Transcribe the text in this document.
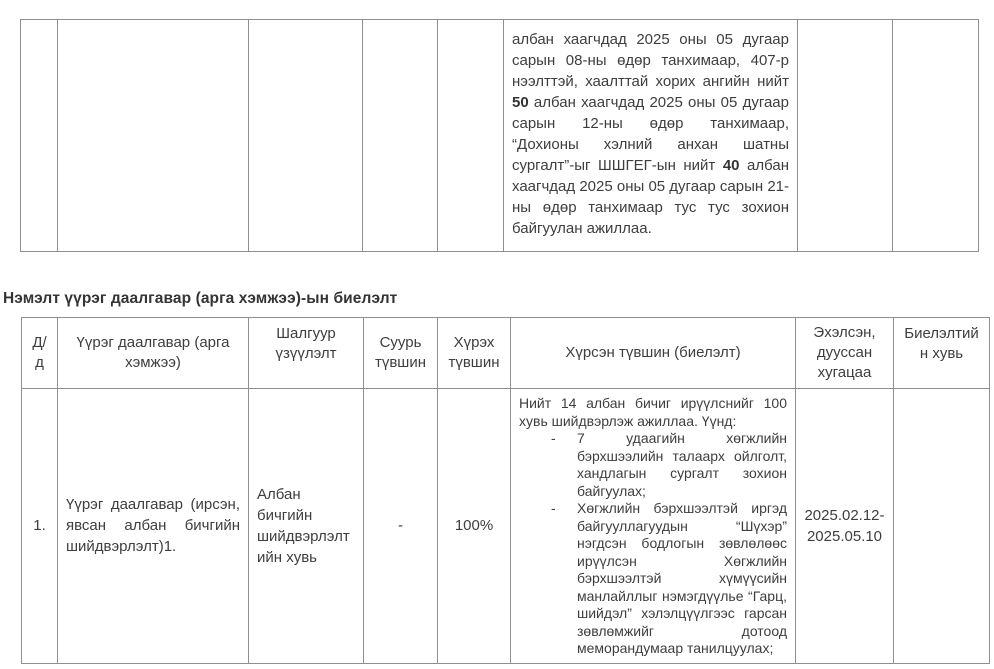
албан хаагчдад 2025 оны 05 дугаар сарын 08-ны өдөр танхимаар, 407-р нээлттэй, хаалттай хорих ангийн нийт 50 албан хаагчдад 2025 оны 05 дугаар сарын 12-ны өдөр танхимаар, “Дохионы хэлний анхан шатны сургалт”-ыг ШШГЕГ-ын нийт 40 албан хаагчдад 2025 оны 05 дугаар сарын 21-ны өдөр танхимаар тус тус зохион байгуулан ажиллаа.

Нэмэлт үүрэг даалгавар (арга хэмжээ)-ын биелэлт
Д/д	Үүрэг даалгавар (арга хэмжээ)	Шалгуур үзүүлэлт	Суурь түвшин	Хүрэх түвшин	Хүрсэн түвшин (биелэлт)	Эхэлсэн, дууссан хугацаа	Биелэлтийн хувь
1.	Үүрэг даалгавар (ирсэн, явсан албан бичгийн шийдвэрлэлт)1.	Албан бичгийн шийдвэрлэлтийн хувь	-	100%	Нийт 14 албан бичиг ирүүлснийг 100 хувь шийдвэрлэж ажиллаа. Үүнд:

- 7 удаагийн хөгжлийн бэрхшээлийн талаарх ойлголт, хандлагын сургалт зохион байгуулах;
- Хөгжлийн бэрхшээлтэй иргэд байгууллагуудын “Шүхэр” нэгдсэн бодлогын зөвлөлөөс ирүүлсэн Хөгжлийн бэрхшээлтэй хүмүүсийн манлайллыг нэмэгдүүлье “Гарц, шийдэл” хэлэлцүүлгээс гарсан зөвлөмжийг дотоод меморандумаар танилцуулах;	2025.02.12-2025.05.10	
